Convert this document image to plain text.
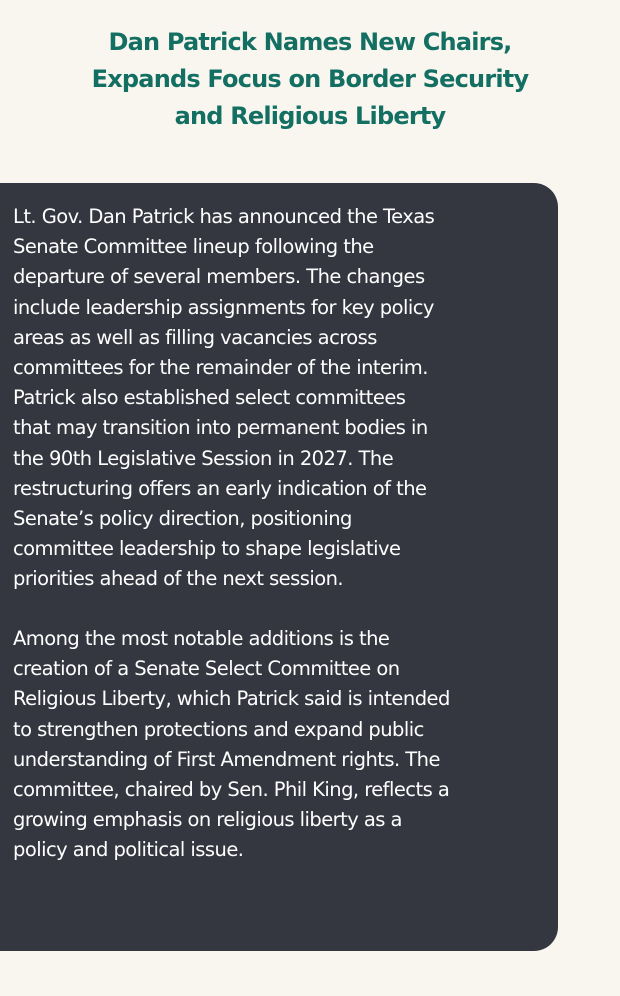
Dan Patrick Names New Chairs,
Expands Focus on Border Security
and Religious Liberty

Lt. Gov. Dan Patrick has announced the Texas
Senate Committee lineup following the
departure of several members. The changes
include leadership assignments for key policy
areas as well as filling vacancies across
committees for the remainder of the interim.
Patrick also established select committees
that may transition into permanent bodies in
the 90th Legislative Session in 2027. The
restructuring offers an early indication of the
Senate’s policy direction, positioning
committee leadership to shape legislative
priorities ahead of the next session.

Among the most notable additions is the
creation of a Senate Select Committee on
Religious Liberty, which Patrick said is intended
to strengthen protections and expand public
understanding of First Amendment rights. The
committee, chaired by Sen. Phil King, reflects a
growing emphasis on religious liberty as a
policy and political issue.
